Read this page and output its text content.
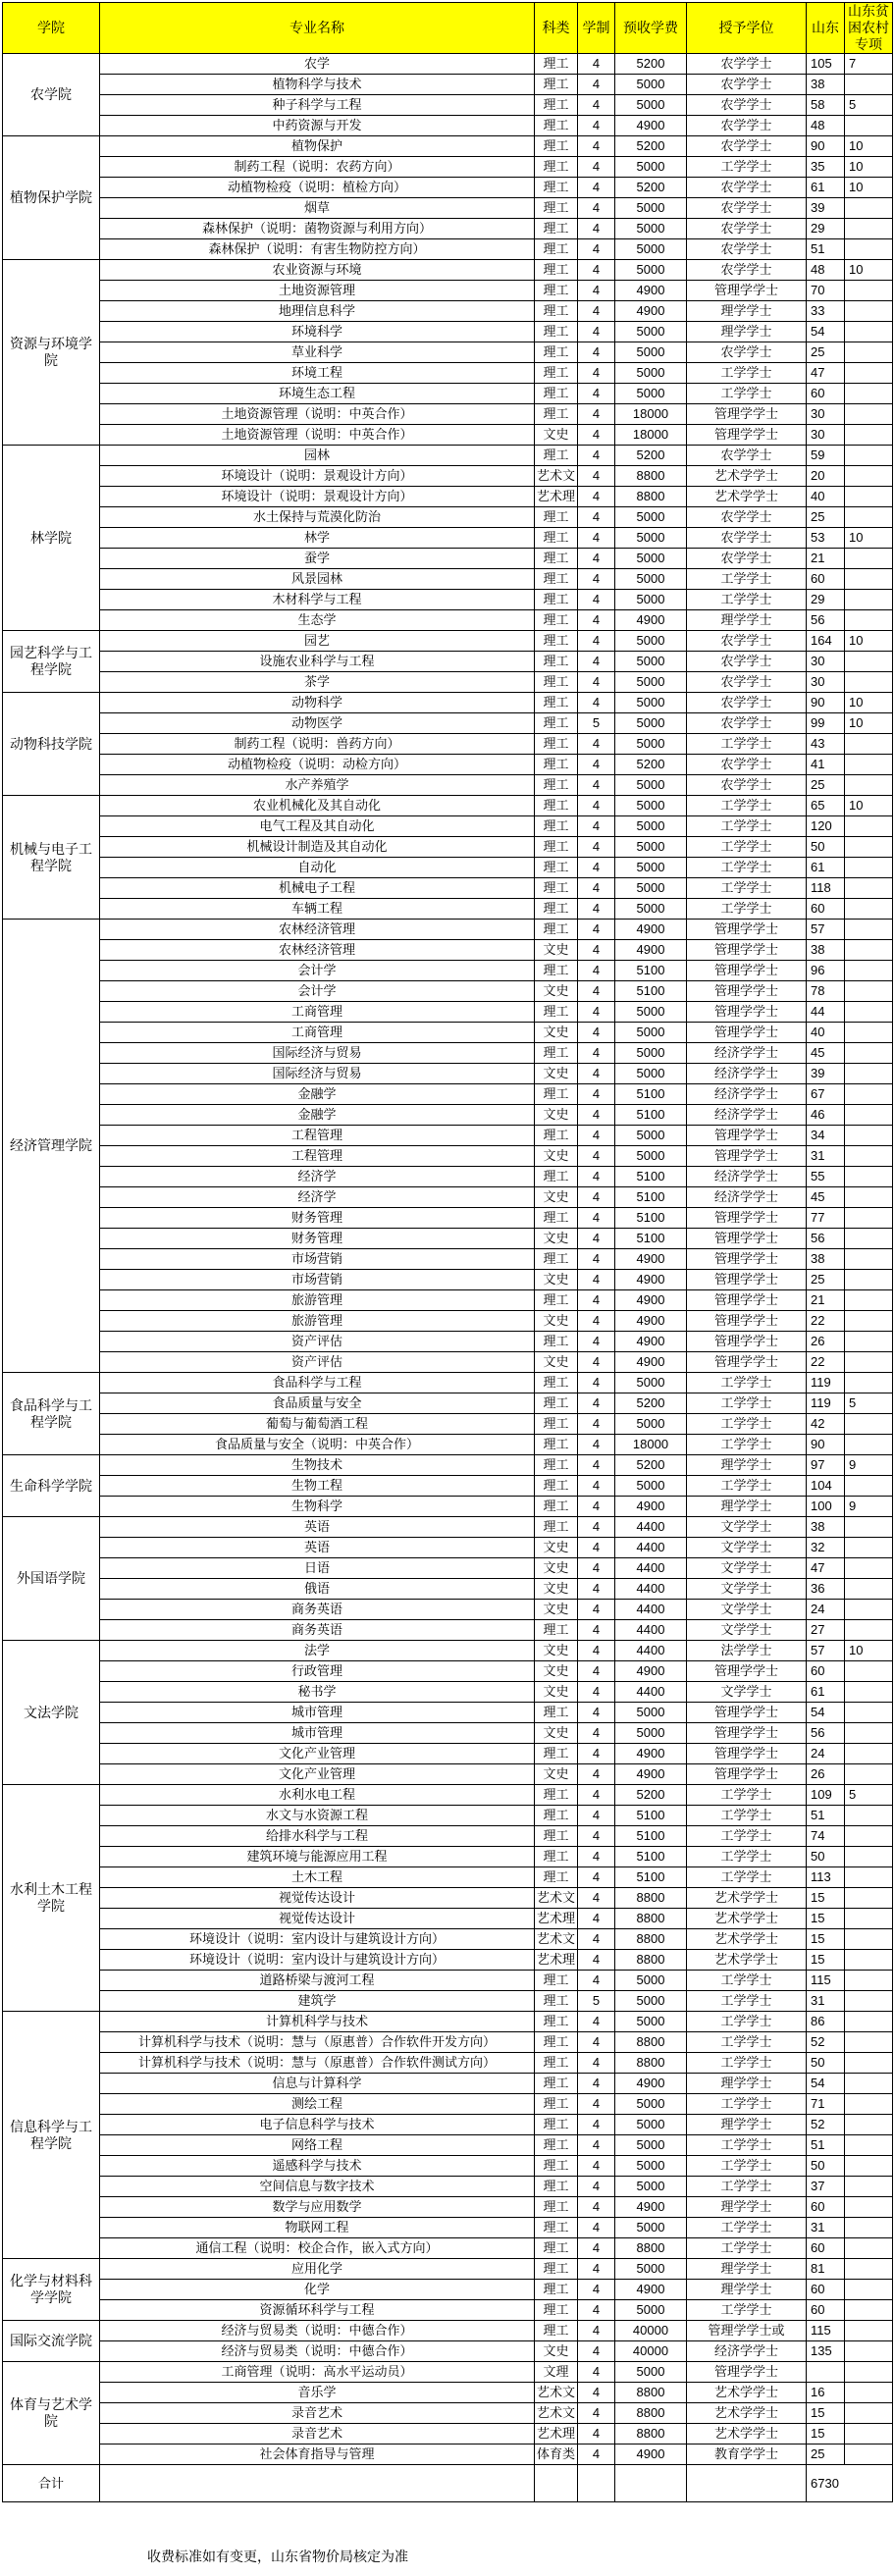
学院	专业名称	科类	学制	预收学费	授予学位	山东	山东贫困农村专项
农学院	农学	理工	4	5200	农学学士	105	7
	植物科学与技术	理工	4	5000	农学学士	38	
	种子科学与工程	理工	4	5000	农学学士	58	5
	中药资源与开发	理工	4	4900	农学学士	48	
植物保护学院	植物保护	理工	4	5200	农学学士	90	10
	制药工程（说明：农药方向）	理工	4	5000	工学学士	35	10
	动植物检疫（说明：植检方向）	理工	4	5200	农学学士	61	10
	烟草	理工	4	5000	农学学士	39	
	森林保护（说明：菌物资源与利用方向）	理工	4	5000	农学学士	29	
	森林保护（说明：有害生物防控方向）	理工	4	5000	农学学士	51	
资源与环境学院	农业资源与环境	理工	4	5000	农学学士	48	10
	土地资源管理	理工	4	4900	管理学学士	70	
	地理信息科学	理工	4	4900	理学学士	33	
	环境科学	理工	4	5000	理学学士	54	
	草业科学	理工	4	5000	农学学士	25	
	环境工程	理工	4	5000	工学学士	47	
	环境生态工程	理工	4	5000	工学学士	60	
	土地资源管理（说明：中英合作）	理工	4	18000	管理学学士	30	
	土地资源管理（说明：中英合作）	文史	4	18000	管理学学士	30	
林学院	园林	理工	4	5200	农学学士	59	
	环境设计（说明：景观设计方向）	艺术文	4	8800	艺术学学士	20	
	环境设计（说明：景观设计方向）	艺术理	4	8800	艺术学学士	40	
	水土保持与荒漠化防治	理工	4	5000	农学学士	25	
	林学	理工	4	5000	农学学士	53	10
	蚕学	理工	4	5000	农学学士	21	
	风景园林	理工	4	5000	工学学士	60	
	木材科学与工程	理工	4	5000	工学学士	29	
	生态学	理工	4	4900	理学学士	56	
园艺科学与工程学院	园艺	理工	4	5000	农学学士	164	10
	设施农业科学与工程	理工	4	5000	农学学士	30	
	茶学	理工	4	5000	农学学士	30	
动物科技学院	动物科学	理工	4	5000	农学学士	90	10
	动物医学	理工	5	5000	农学学士	99	10
	制药工程（说明：兽药方向）	理工	4	5000	工学学士	43	
	动植物检疫（说明：动检方向）	理工	4	5200	农学学士	41	
	水产养殖学	理工	4	5000	农学学士	25	
机械与电子工程学院	农业机械化及其自动化	理工	4	5000	工学学士	65	10
	电气工程及其自动化	理工	4	5000	工学学士	120	
	机械设计制造及其自动化	理工	4	5000	工学学士	50	
	自动化	理工	4	5000	工学学士	61	
	机械电子工程	理工	4	5000	工学学士	118	
	车辆工程	理工	4	5000	工学学士	60	
经济管理学院	农林经济管理	理工	4	4900	管理学学士	57	
	农林经济管理	文史	4	4900	管理学学士	38	
	会计学	理工	4	5100	管理学学士	96	
	会计学	文史	4	5100	管理学学士	78	
	工商管理	理工	4	5000	管理学学士	44	
	工商管理	文史	4	5000	管理学学士	40	
	国际经济与贸易	理工	4	5000	经济学学士	45	
	国际经济与贸易	文史	4	5000	经济学学士	39	
	金融学	理工	4	5100	经济学学士	67	
	金融学	文史	4	5100	经济学学士	46	
	工程管理	理工	4	5000	管理学学士	34	
	工程管理	文史	4	5000	管理学学士	31	
	经济学	理工	4	5100	经济学学士	55	
	经济学	文史	4	5100	经济学学士	45	
	财务管理	理工	4	5100	管理学学士	77	
	财务管理	文史	4	5100	管理学学士	56	
	市场营销	理工	4	4900	管理学学士	38	
	市场营销	文史	4	4900	管理学学士	25	
	旅游管理	理工	4	4900	管理学学士	21	
	旅游管理	文史	4	4900	管理学学士	22	
	资产评估	理工	4	4900	管理学学士	26	
	资产评估	文史	4	4900	管理学学士	22	
食品科学与工程学院	食品科学与工程	理工	4	5000	工学学士	119	
	食品质量与安全	理工	4	5200	工学学士	119	5
	葡萄与葡萄酒工程	理工	4	5000	工学学士	42	
	食品质量与安全（说明：中英合作）	理工	4	18000	工学学士	90	
生命科学学院	生物技术	理工	4	5200	理学学士	97	9
	生物工程	理工	4	5000	工学学士	104	
	生物科学	理工	4	4900	理学学士	100	9
外国语学院	英语	理工	4	4400	文学学士	38	
	英语	文史	4	4400	文学学士	32	
	日语	文史	4	4400	文学学士	47	
	俄语	文史	4	4400	文学学士	36	
	商务英语	文史	4	4400	文学学士	24	
	商务英语	理工	4	4400	文学学士	27	
文法学院	法学	文史	4	4400	法学学士	57	10
	行政管理	文史	4	4900	管理学学士	60	
	秘书学	文史	4	4400	文学学士	61	
	城市管理	理工	4	5000	管理学学士	54	
	城市管理	文史	4	5000	管理学学士	56	
	文化产业管理	理工	4	4900	管理学学士	24	
	文化产业管理	文史	4	4900	管理学学士	26	
水利土木工程学院	水利水电工程	理工	4	5200	工学学士	109	5
	水文与水资源工程	理工	4	5100	工学学士	51	
	给排水科学与工程	理工	4	5100	工学学士	74	
	建筑环境与能源应用工程	理工	4	5100	工学学士	50	
	土木工程	理工	4	5100	工学学士	113	
	视觉传达设计	艺术文	4	8800	艺术学学士	15	
	视觉传达设计	艺术理	4	8800	艺术学学士	15	
	环境设计（说明：室内设计与建筑设计方向）	艺术文	4	8800	艺术学学士	15	
	环境设计（说明：室内设计与建筑设计方向）	艺术理	4	8800	艺术学学士	15	
	道路桥梁与渡河工程	理工	4	5000	工学学士	115	
	建筑学	理工	5	5000	工学学士	31	
信息科学与工程学院	计算机科学与技术	理工	4	5000	工学学士	86	
	计算机科学与技术（说明：慧与（原惠普）合作软件开发方向）	理工	4	8800	工学学士	52	
	计算机科学与技术（说明：慧与（原惠普）合作软件测试方向）	理工	4	8800	工学学士	50	
	信息与计算科学	理工	4	4900	理学学士	54	
	测绘工程	理工	4	5000	工学学士	71	
	电子信息科学与技术	理工	4	5000	理学学士	52	
	网络工程	理工	4	5000	工学学士	51	
	遥感科学与技术	理工	4	5000	工学学士	50	
	空间信息与数字技术	理工	4	5000	工学学士	37	
	数学与应用数学	理工	4	4900	理学学士	60	
	物联网工程	理工	4	5000	工学学士	31	
	通信工程（说明：校企合作，嵌入式方向）	理工	4	8800	工学学士	60	
化学与材料科学学院	应用化学	理工	4	5000	理学学士	81	
	化学	理工	4	4900	理学学士	60	
	资源循环科学与工程	理工	4	5000	工学学士	60	
国际交流学院	经济与贸易类（说明：中德合作）	理工	4	40000	管理学学士或	115	
	经济与贸易类（说明：中德合作）	文史	4	40000	经济学学士	135	
体育与艺术学院	工商管理（说明：高水平运动员）	文理	4	5000	管理学学士		
	音乐学	艺术文	4	8800	艺术学学士	16	
	录音艺术	艺术文	4	8800	艺术学学士	15	
	录音艺术	艺术理	4	8800	艺术学学士	15	
	社会体育指导与管理	体育类	4	4900	教育学学士	25	
合计						6730	
收费标准如有变更，山东省物价局核定为准
